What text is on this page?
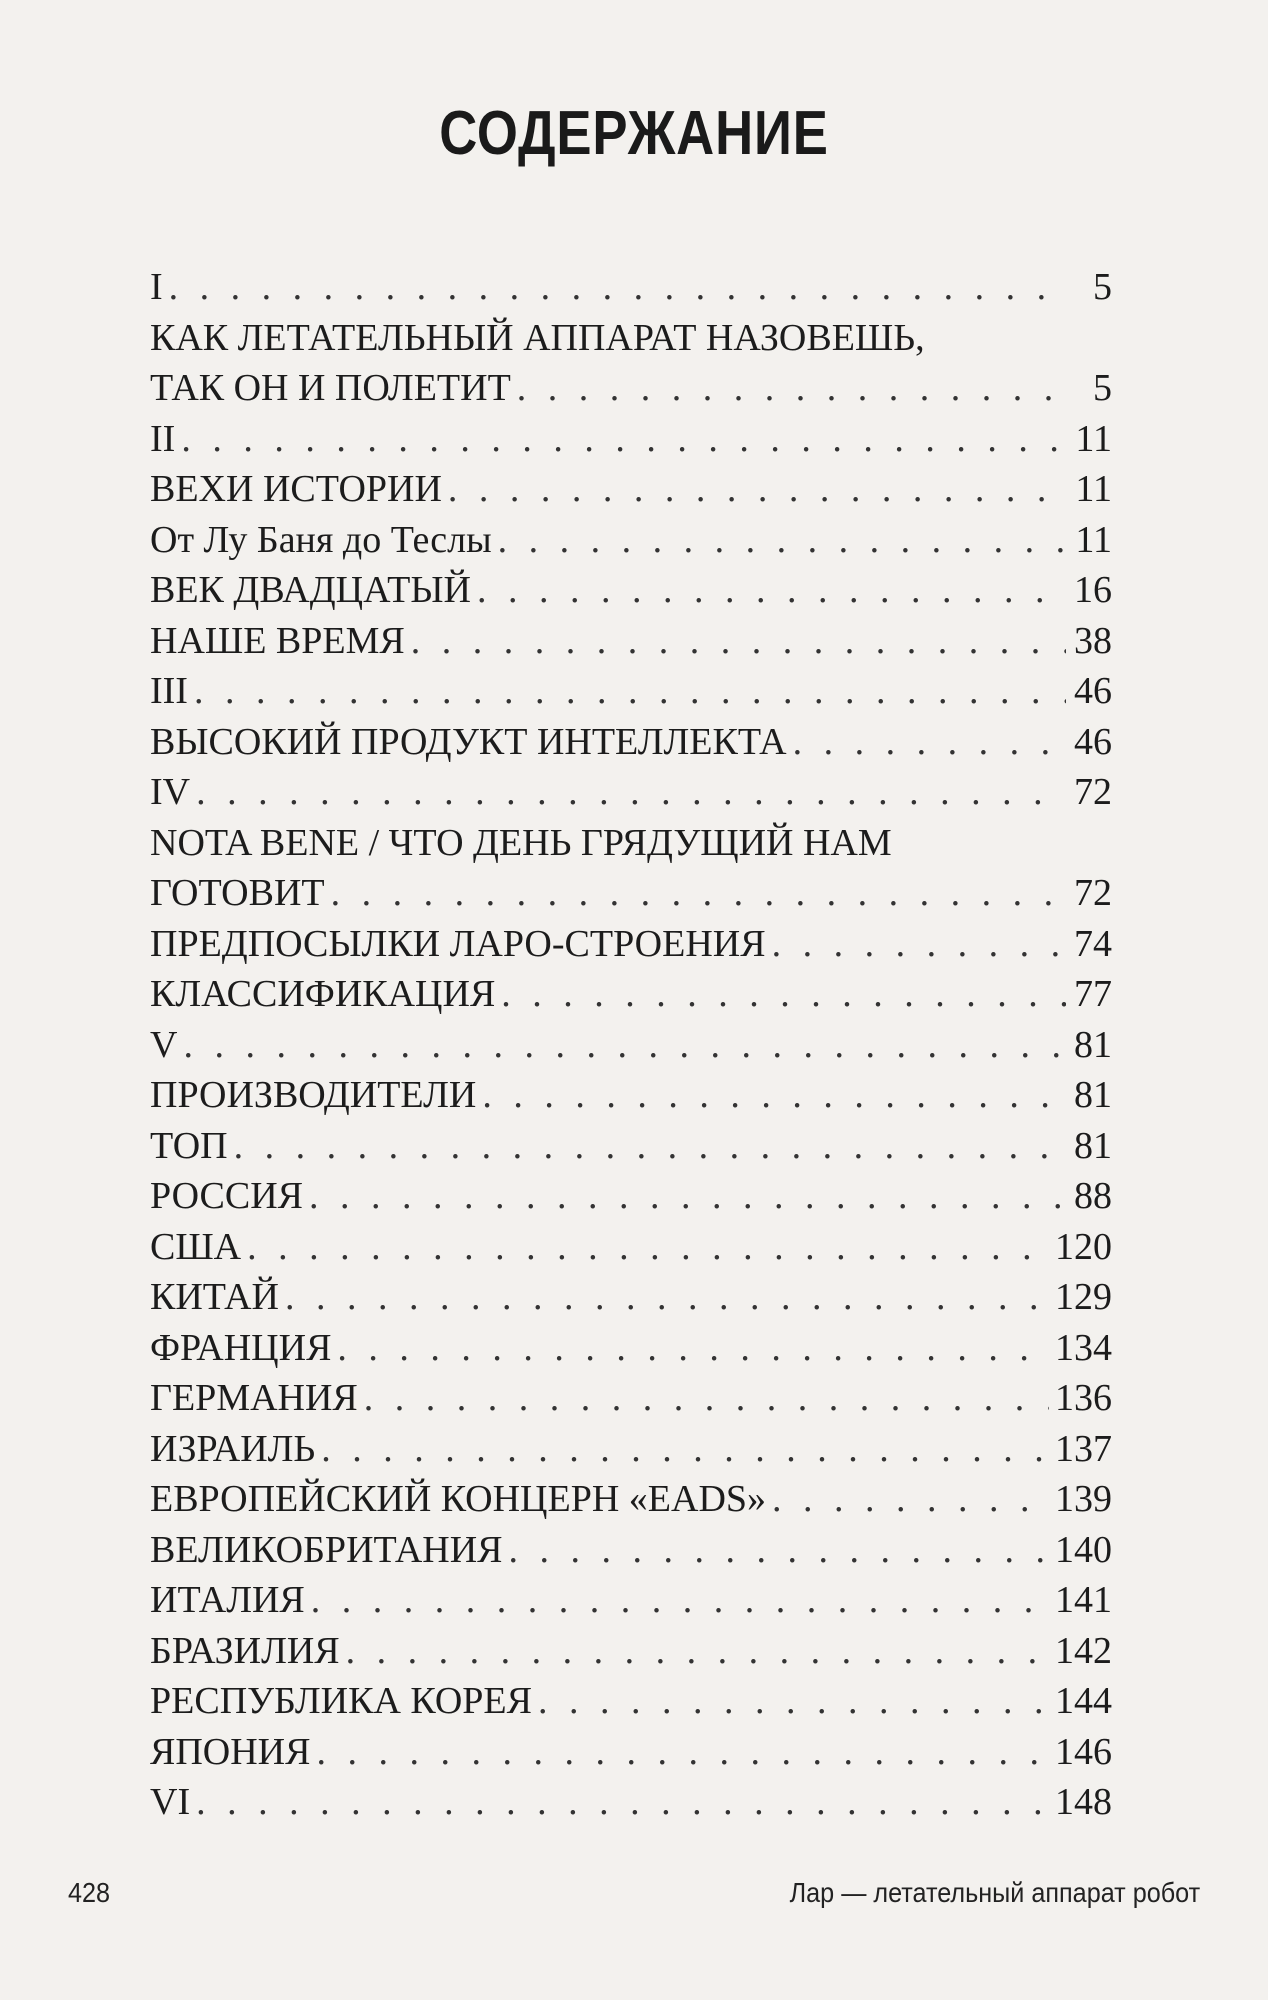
СОДЕРЖАНИЕ
I . . .	5
КАК ЛЕТАТЕЛЬНЫЙ АППАРАТ НАЗОВЕШЬ,
ТАК ОН И ПОЛЕТИТ . . .	5
II . . .	11
ВЕХИ ИСТОРИИ . . .	11
От Лу Баня до Теслы . . .	11
ВЕК ДВАДЦАТЫЙ . . .	16
НАШЕ ВРЕМЯ . . .	38
III . . .	46
ВЫСОКИЙ ПРОДУКТ ИНТЕЛЛЕКТА . . .	46
IV . . .	72
NOTA BENE / ЧТО ДЕНЬ ГРЯДУЩИЙ НАМ
ГОТОВИТ . . .	72
ПРЕДПОСЫЛКИ ЛАРО-СТРОЕНИЯ . . .	74
КЛАССИФИКАЦИЯ . . .	77
V . . .	81
ПРОИЗВОДИТЕЛИ . . .	81
ТОП . . .	81
РОССИЯ . . .	88
США . . .	120
КИТАЙ . . .	129
ФРАНЦИЯ . . .	134
ГЕРМАНИЯ . . .	136
ИЗРАИЛЬ . . .	137
ЕВРОПЕЙСКИЙ КОНЦЕРН «EADS» . . .	139
ВЕЛИКОБРИТАНИЯ . . .	140
ИТАЛИЯ . . .	141
БРАЗИЛИЯ . . .	142
РЕСПУБЛИКА КОРЕЯ . . .	144
ЯПОНИЯ . . .	146
VI . . .	148
428	Лар — летательный аппарат робот
